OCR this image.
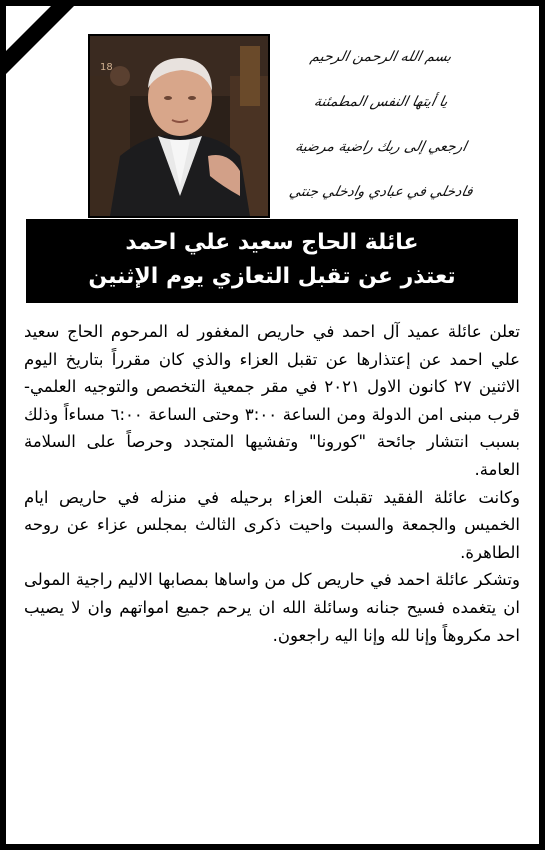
18
بسم الله الرحمن الرحيم
يا أيتها النفس المطمئنة
ارجعي إلى ربك راضية مرضية
فادخلي في عبادي وادخلي جنتي
عائلة الحاج سعيد علي احمد
تعتذر عن تقبل التعازي يوم الإثنين

تعلن عائلة عميد آل احمد في حاريص المغفور له المرحوم الحاج سعيد علي احمد عن إعتذارها عن تقبل العزاء والذي كان مقرراً بتاريخ اليوم الاثنين ٢٧ كانون الاول ٢٠٢١ في مقر جمعية التخصص والتوجيه العلمي- قرب مبنى امن الدولة ومن الساعة ٣:٠٠ وحتى الساعة ٦:٠٠ مساءاً وذلك بسبب انتشار جائحة "كورونا" وتفشيها المتجدد وحرصاً على السلامة العامة.

وكانت عائلة الفقيد تقبلت العزاء برحيله في منزله في حاريص ايام الخميس والجمعة والسبت واحيت ذكرى الثالث بمجلس عزاء عن روحه الطاهرة.

وتشكر عائلة احمد في حاريص كل من واساها بمصابها الاليم راجية المولى ان يتغمده فسيح جنانه وسائلة الله ان يرحم جميع امواتهم وان لا يصيب احد مكروهاً وإنا لله وإنا اليه راجعون.
